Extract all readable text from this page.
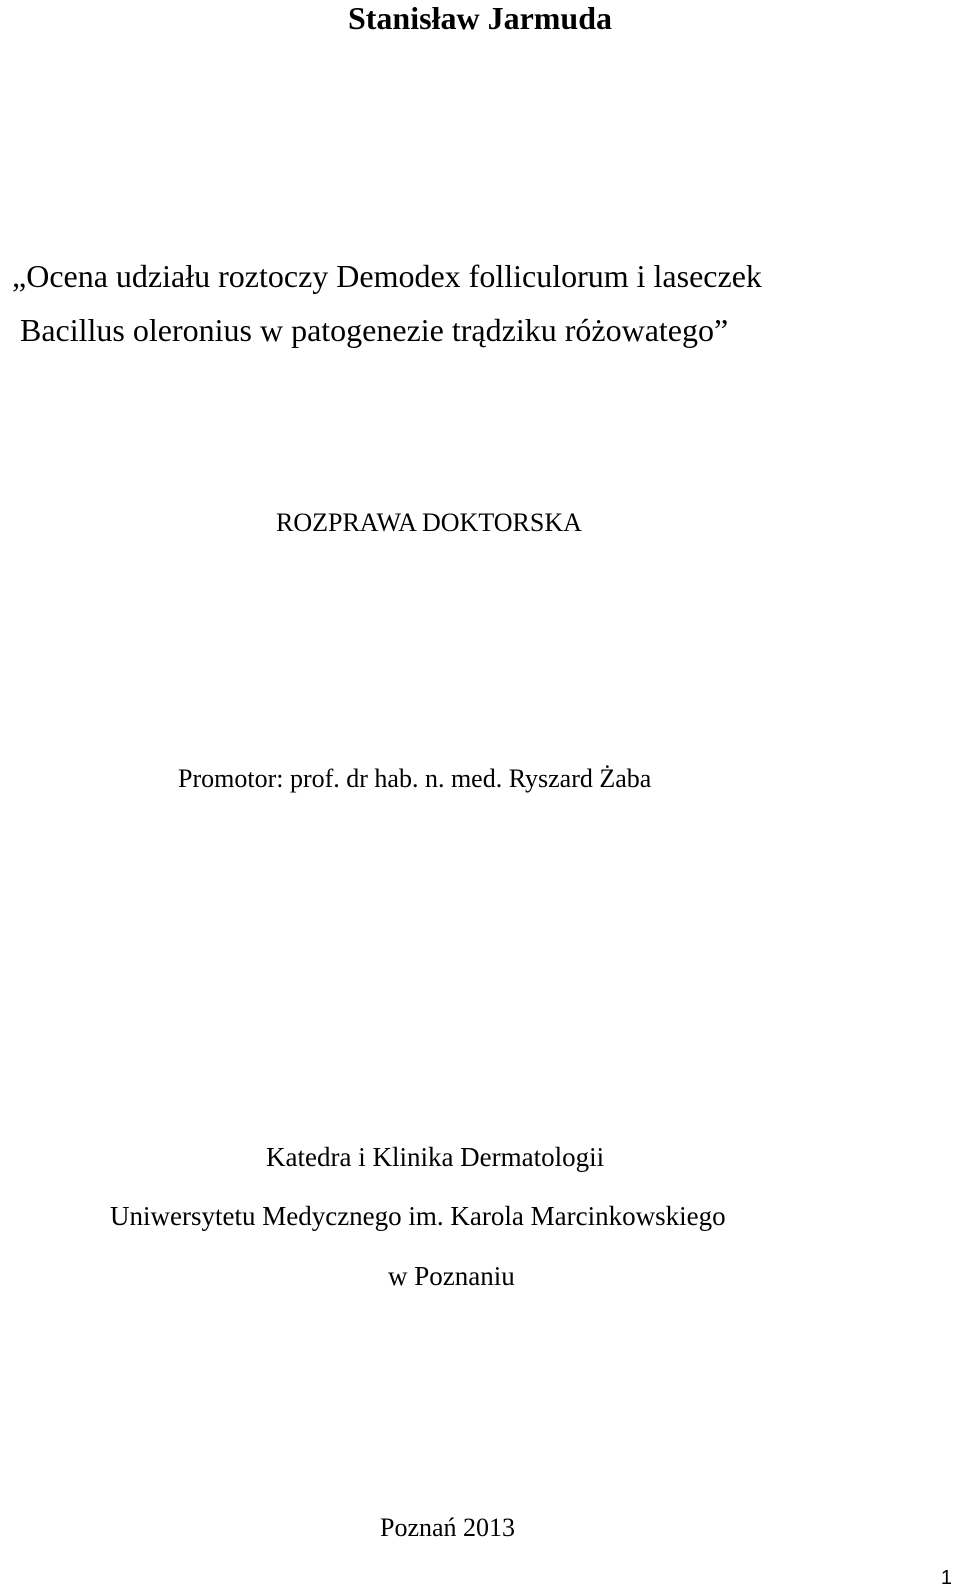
Stanisław Jarmuda

„Ocena udziału roztoczy Demodex folliculorum i laseczek

Bacillus oleronius w patogenezie trądziku różowatego”

ROZPRAWA DOKTORSKA

Promotor: prof. dr hab. n. med. Ryszard Żaba

Katedra i Klinika Dermatologii

Uniwersytetu Medycznego im. Karola Marcinkowskiego

w Poznaniu

Poznań 2013

1
